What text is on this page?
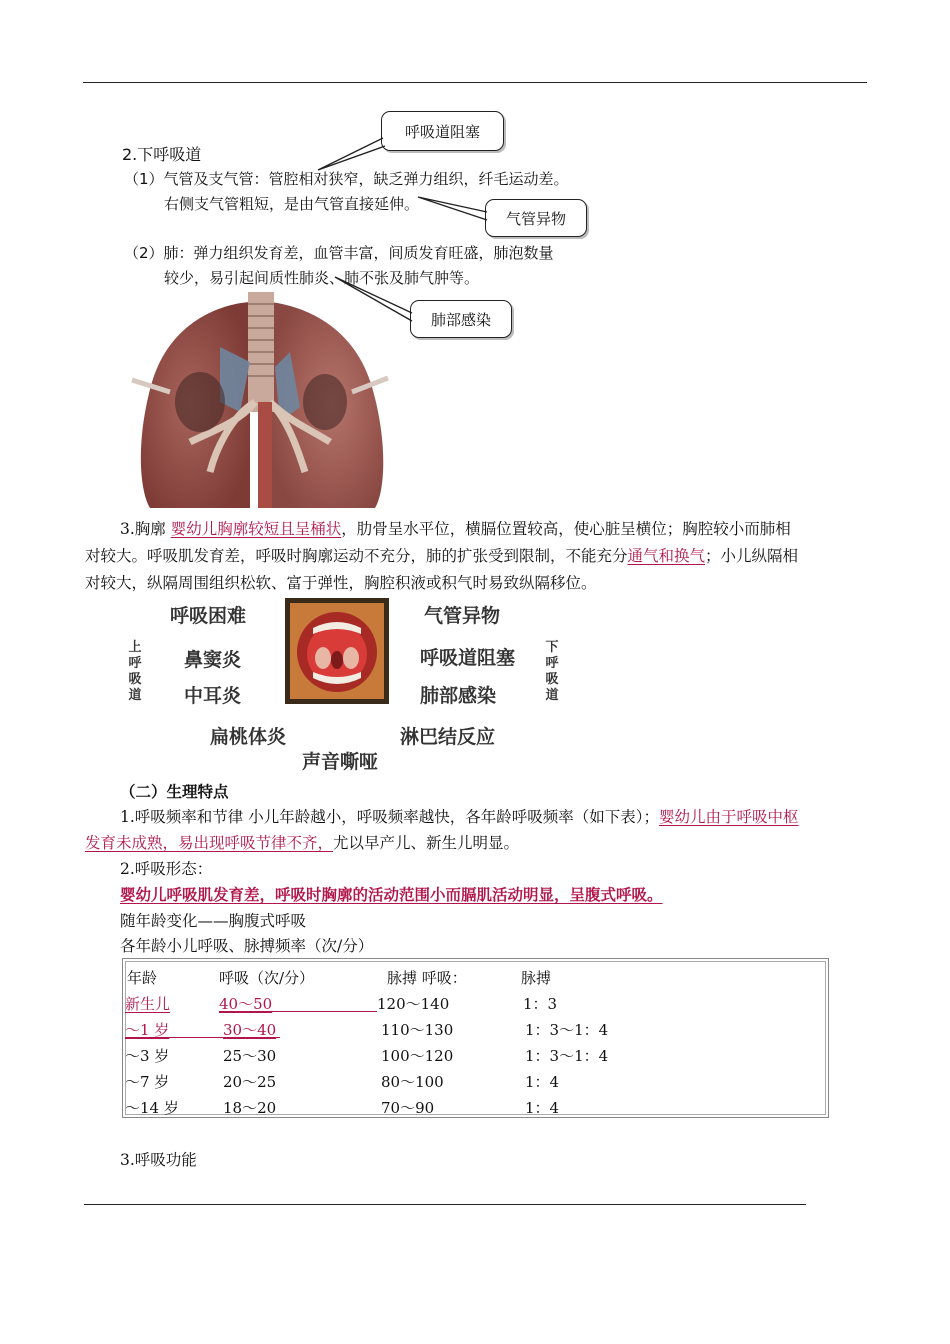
2.下呼吸道
（1）气管及支气管：管腔相对狭窄，缺乏弹力组织，纤毛运动差。
右侧支气管粗短，是由气管直接延伸。
（2）肺：弹力组织发育差，血管丰富，间质发育旺盛，肺泡数量
较少，易引起间质性肺炎、肺不张及肺气肿等。
呼吸道阻塞
气管异物
肺部感染
3.胸廓 婴幼儿胸廓较短且呈桶状，肋骨呈水平位，横膈位置较高，使心脏呈横位；胸腔较小而肺相
对较大。呼吸肌发育差，呼吸时胸廓运动不充分，肺的扩张受到限制，不能充分通气和换气；小儿纵隔相
对较大，纵隔周围组织松软、富于弹性，胸腔积液或积气时易致纵隔移位。
上呼吸道
下呼吸道
呼吸困难
鼻窦炎
中耳炎
气管异物
呼吸道阻塞
肺部感染
扁桃体炎	淋巴结反应
声音嘶哑
（二）生理特点
1.呼吸频率和节律 小儿年龄越小，呼吸频率越快，各年龄呼吸频率（如下表）；婴幼儿由于呼吸中枢
发育未成熟，易出现呼吸节律不齐，尤以早产儿、新生儿明显。
2.呼吸形态：
婴幼儿呼吸肌发育差，呼吸时胸廓的活动范围小而膈肌活动明显，呈腹式呼吸。
随年龄变化——胸腹式呼吸
各年龄小儿呼吸、脉搏频率（次/分）
年龄	呼吸（次/分）	脉搏 呼吸：	脉搏
新生儿	40～50	120～140	1：3
～1 岁	30～40	110～130	1：3～1：4
～3 岁	25～30	100～120	1：3～1：4
～7 岁	20～25	80～100	1：4
～14 岁	18～20	70～90	1：4
3.呼吸功能
